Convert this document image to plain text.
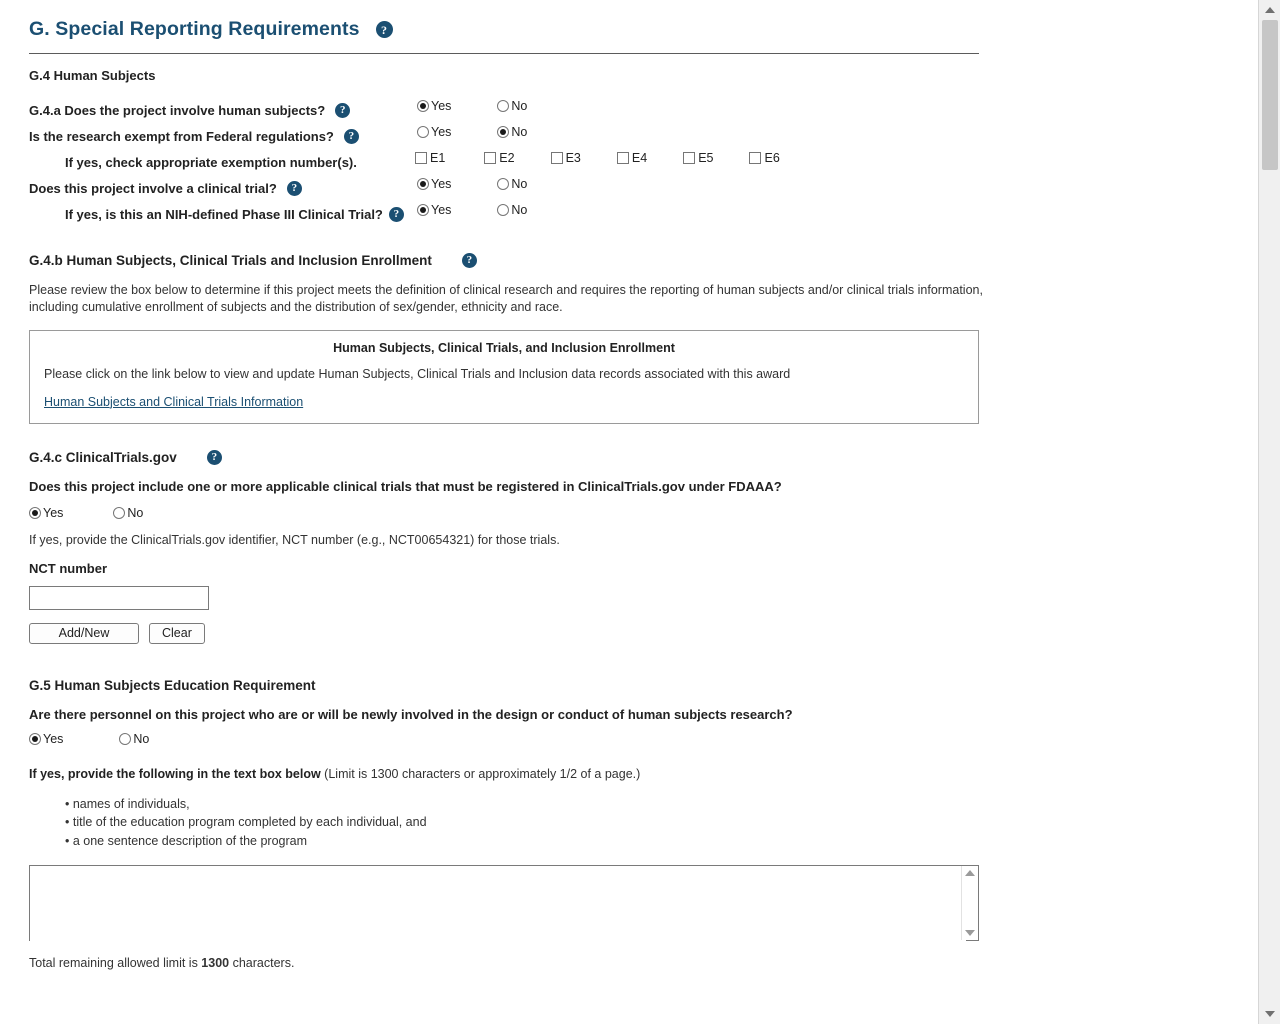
G. Special Reporting Requirements	?
G.4 Human Subjects
G.4.a Does the project involve human subjects?	?	Yes	No
Is the research exempt from Federal regulations?	?	Yes	No
If yes, check appropriate exemption number(s).	E1	E2	E3	E4	E5	E6
Does this project involve a clinical trial?	?	Yes	No
If yes, is this an NIH-defined Phase III Clinical Trial? ?	Yes	No
G.4.b Human Subjects, Clinical Trials and Inclusion Enrollment	?
Please review the box below to determine if this project meets the definition of clinical research and requires the reporting of human subjects and/or clinical trials information,
including cumulative enrollment of subjects and the distribution of sex/gender, ethnicity and race.
Human Subjects, Clinical Trials, and Inclusion Enrollment
Please click on the link below to view and update Human Subjects, Clinical Trials and Inclusion data records associated with this award
Human Subjects and Clinical Trials Information
G.4.c ClinicalTrials.gov	?
Does this project include one or more applicable clinical trials that must be registered in ClinicalTrials.gov under FDAAA?
Yes	No
If yes, provide the ClinicalTrials.gov identifier, NCT number (e.g., NCT00654321) for those trials.
NCT number
Add/New	Clear
G.5 Human Subjects Education Requirement
Are there personnel on this project who are or will be newly involved in the design or conduct of human subjects research?
Yes	No
If yes, provide the following in the text box below (Limit is 1300 characters or approximately 1/2 of a page.)
• names of individuals,
• title of the education program completed by each individual, and
• a one sentence description of the program
Total remaining allowed limit is 1300 characters.
